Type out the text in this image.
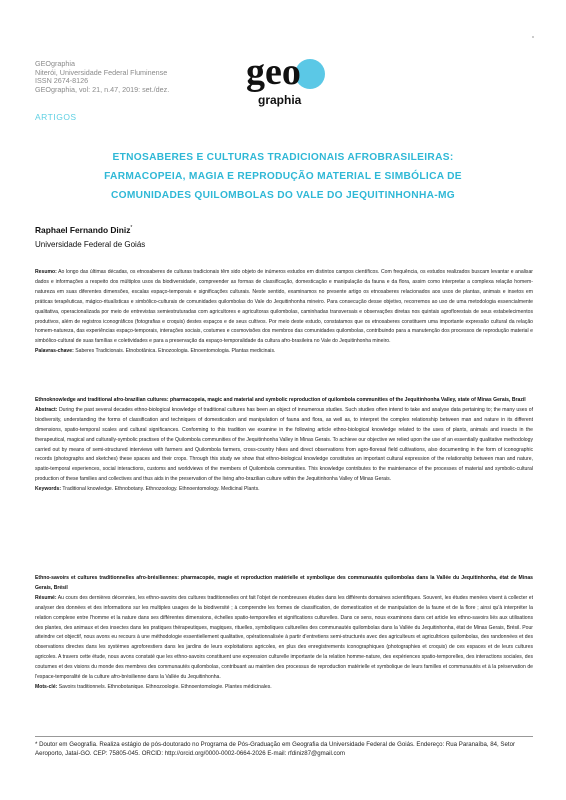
GEOgraphia
Niterói, Universidade Federal Fluminense
ISSN 2674-8126
GEOgraphia, vol: 21, n.47, 2019: set./dez. geo
graphia
ARTIGOS
ETNOSABERES E CULTURAS TRADICIONAIS AFROBRASILEIRAS:
FARMACOPEIA, MAGIA E REPRODUÇÃO MATERIAL E SIMBÓLICA DE
COMUNIDADES QUILOMBOLAS DO VALE DO JEQUITINHONHA-MG
Raphael Fernando Diniz*
Universidade Federal de Goiás
Resumo: Ao longo das últimas décadas, os etnosaberes de culturas tradicionais têm sido objeto de inúmeros estudos em distintos campos científicos. Com frequência, os estudos realizados buscam levantar e analisar dados e informações a respeito dos múltiplos usos da biodiversidade, compreender as formas de classificação, domesticação e manipulação da fauna e da flora, assim como interpretar a complexa relação homem-natureza em suas diferentes dimensões, escalas espaço-temporais e significações culturais. Neste sentido, examinamos no presente artigo os etnosaberes relacionados aos usos de plantas, animais e insetos em práticas terapêuticas, mágico-ritualísticas e simbólico-culturais de comunidades quilombolas do Vale do Jequitinhonha mineiro. Para consecução desse objetivo, recorremos ao uso de uma metodologia essencialmente qualitativa, operacionalizada por meio de entrevistas semiestruturadas com agricultores e agricultoras quilombolas, caminhadas transversais e observações diretas nos quintais agroflorestais de seus estabelecimentos produtivos, além de registros iconográficos (fotografias e croquis) destes espaços e de seus cultivos. Por meio deste estudo, constatamos que os etnosaberes constituem uma importante expressão cultural da relação homem-natureza, das experiências espaço-temporais, interações sociais, costumes e cosmovisões dos membros das comunidades quilombolas, contribuindo para a manutenção dos processos de reprodução material e simbólico-cultural de suas famílias e coletividades e para a preservação da espaço-temporalidade da cultura afro-brasileira no Vale do Jequitinhonha mineiro.
Palavras-chave: Saberes Tradicionais. Etnobotânica. Etnozoologia. Etnoentomologia. Plantas medicinais.
Ethnoknowledge and traditional afro-brazilian cultures: pharmacopeia, magic and material and symbolic reproduction of quilombola communities of the Jequitinhonha Valley, state of Minas Gerais, Brazil
Abstract: During the past several decades ethno-biological knowledge of traditional cultures has been an object of innumerous studies. Such studies often intend to take and analyse data pertaining to; the many uses of biodiversity, understanding the forms of classification and techniques of domestication and manipulation of fauna and flora, as well as, to interpret the complex relationship between man and nature in its different dimensions, spatio-temporal scales and cultural significances. Conforming to this tradition we examine in the following article ethno-biological knowledge related to the uses of plants, animals and insects in the therapeutical, magical and culturally-symbolic practises of the Quilombola communities of the Jequitinhonha Valley in Minas Gerais. To achieve our objective we relied upon the use of an essentially qualitative methodology carried out by means of semi-structured interviews with farmers and Quilombola farmers, cross-country hikes and direct observations from agro-floresal field cultivations, also documenting in the form of iconographic records (photographs and sketches) these spaces and their crops. Through this study we show that ethno-biological knowledge constitutes an important cultural expression of the relationship between man and nature, spatio-temporal experiences, social interactions, customs and worldviews of the members of Quilombola communities. This knowledge contributes to the maintenance of the processes of material and symbolic-cultural production of these families and collectives and thus aids in the preservation of the living afro-brazilian culture within the Jequitinhonha Valley of Minas Gerais.
Keywords: Traditional knowledge. Ethnobotany. Ethnozoology. Ethnoentomology. Medicinal Plants.
Ethno-savoirs et cultures traditionnelles afro-brésiliennes: pharmacopée, magie et reproduction matérielle et symbolique des communautés quilombolas dans la Vallée du Jequitinhonha, état de Minas Gerais, Brésil
Résumé: Au cours des dernières décennies, les ethno-savoirs des cultures traditionnelles ont fait l'objet de nombreuses études dans les différents domaines scientifiques. Souvent, les études menées visent à collecter et analyser des données et des informations sur les multiples usages de la biodiversité ; à comprendre les formes de classification, de domestication et de manipulation de la faune et de la flore ; ainsi qu'à interpréter la relation complexe entre l'homme et la nature dans ses différentes dimensions, échelles spatio-temporelles et significations culturelles. Dans ce sens, nous examinons dans cet article les ethno-savoirs liés aux utilisations des plantes, des animaux et des insectes dans les pratiques thérapeutiques, magiques, rituelles, symboliques culturelles des communautés quilombolas dans la Vallée du Jequitinhonha, état de Minas Gerais, Brésil. Pour atteindre cet objectif, nous avons eu recours à une méthodologie essentiellement qualitative, opérationnalisée à partir d'entretiens semi-structurés avec des agriculteurs et agricultrices quilombolas, des randonnées et des observations directes dans les systèmes agroforestiers dans les jardins de leurs exploitations agricoles, en plus des enregistrements iconographiques (photographies et croquis) de ces espaces et de leurs cultures agricoles. A travers cette étude, nous avons constaté que les ethno-savoirs constituent une expression culturelle importante de la relation homme-nature, des expériences spatio-temporelles, des interactions sociales, des coutumes et des visions du monde des membres des communautés quilombolas, contribuant au maintien des processus de reproduction matérielle et symbolique de leurs familles et communautés et à la préservation de l'espace-temporalité de la culture afro-brésilienne dans la Vallée du Jequitinhonha.
Mots-clé: Savoirs traditionnels. Ethnobotanique. Ethnozoologie. Ethnoentomologie. Plantes médicinales.
* Doutor em Geografia. Realiza estágio de pós-doutorado no Programa de Pós-Graduação em Geografia da Universidade Federal de Goiás. Endereço: Rua Paranaíba, 84, Setor Aeroporto, Jataí-GO. CEP: 75805-045. ORCID: http://orcid.org/0000-0002-0664-2026 E-mail: rfdiniz87@gmail.com
